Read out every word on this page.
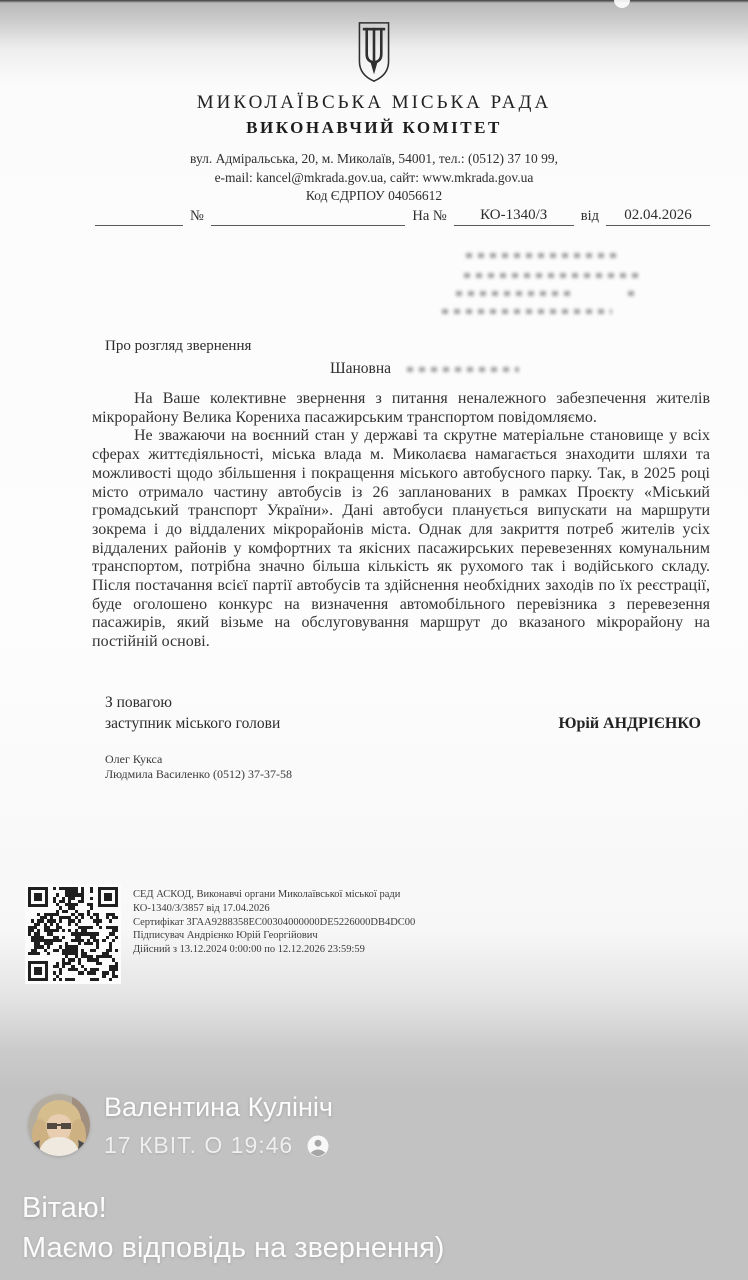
МИКОЛАЇВСЬКА МІСЬКА РАДА
ВИКОНАВЧИЙ КОМІТЕТ
вул. Адміральська, 20, м. Миколаїв, 54001, тел.: (0512) 37 10 99,
e-mail: kancel@mkrada.gov.ua, сайт: www.mkrada.gov.ua
Код ЄДРПОУ 04056612
№	На №	КО-1340/З	від	02.04.2026
Про розгляд звернення
Шановна

На Ваше колективне звернення з питання неналежного забезпечення жителів мікрорайону Велика Корениха пасажирським транспортом повідомляємо.

Не зважаючи на воєнний стан у державі та скрутне матеріальне становище у всіх сферах життєдіяльності, міська влада м. Миколаєва намагається знаходити шляхи та можливості щодо збільшення і покращення міського автобусного парку. Так, в 2025 році місто отримало частину автобусів із 26 запланованих в рамках Проєкту «Міський громадський транспорт України». Дані автобуси планується випускати на маршрути зокрема і до віддалених мікрорайонів міста. Однак для закриття потреб жителів усіх віддалених районів у комфортних та якісних пасажирських перевезеннях комунальним транспортом, потрібна значно більша кількість як рухомого так і водійського складу. Після постачання всієї партії автобусів та здійснення необхідних заходів по їх реєстрації, буде оголошено конкурс на визначення автомобільного перевізника з перевезення пасажирів, який візьме на обслуговування маршрут до вказаного мікрорайону на постійній основі.

З повагою
заступник міського голови	Юрій АНДРІЄНКО
Олег Кукса
Людмила Василенко (0512) 37-37-58
СЕД АСКОД, Виконавчі органи Миколаївської міської ради
КО-1340/З/3857 від 17.04.2026
Сертифікат 3ГАА9288358ЕС00304000000DE5226000DB4DC00
Підписувач Андрієнко Юрій Георгійович
Дійсний з 13.12.2024 0:00:00 по 12.12.2026 23:59:59
Валентина Кулініч
17 КВІТ. О 19:46
Вітаю!
Маємо відповідь на звернення)
